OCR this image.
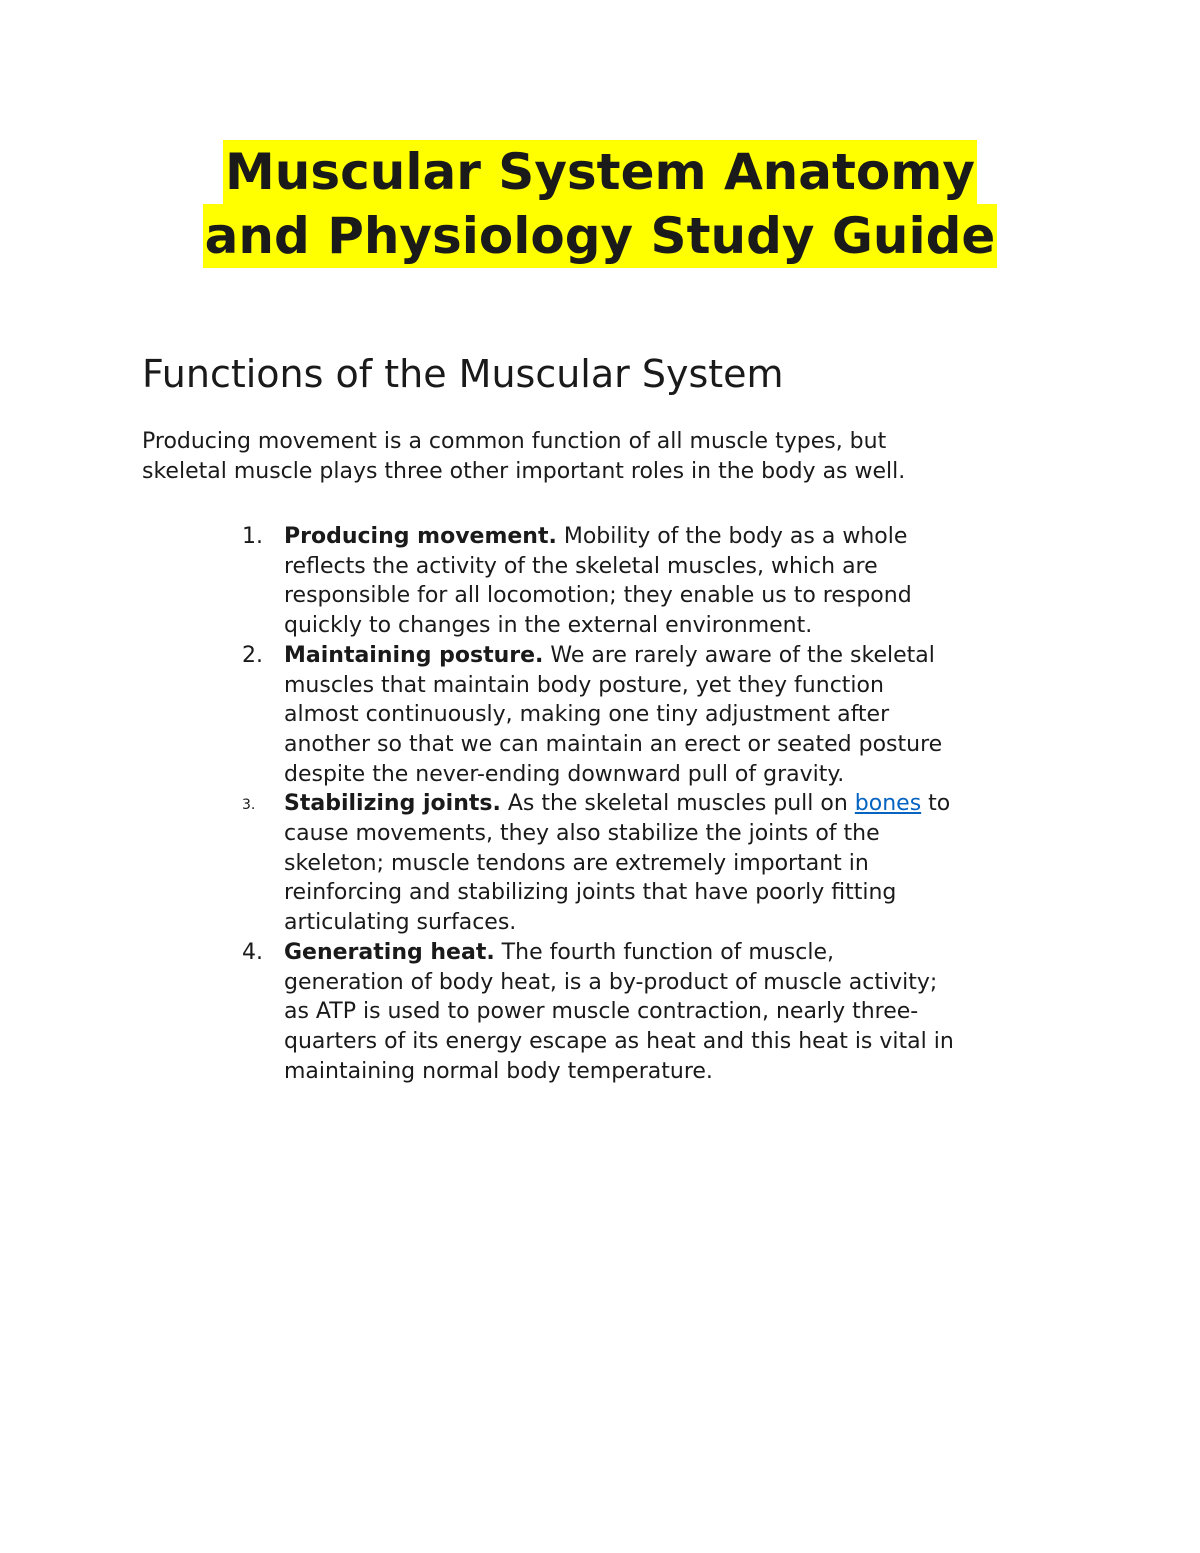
Muscular System Anatomy
and Physiology Study Guide
Functions of the Muscular System

Producing movement is a common function of all muscle types, but
skeletal muscle plays three other important roles in the body as well.

1. Producing movement. Mobility of the body as a whole
reflects the activity of the skeletal muscles, which are
responsible for all locomotion; they enable us to respond
quickly to changes in the external environment.
2. Maintaining posture. We are rarely aware of the skeletal
muscles that maintain body posture, yet they function
almost continuously, making one tiny adjustment after
another so that we can maintain an erect or seated posture
despite the never-ending downward pull of gravity.
3.	Stabilizing joints. As the skeletal muscles pull on bones to
cause movements, they also stabilize the joints of the
skeleton; muscle tendons are extremely important in
reinforcing and stabilizing joints that have poorly fitting
articulating surfaces.
4. Generating heat. The fourth function of muscle,
generation of body heat, is a by-product of muscle activity;
as ATP is used to power muscle contraction, nearly three-
quarters of its energy escape as heat and this heat is vital in
maintaining normal body temperature.
